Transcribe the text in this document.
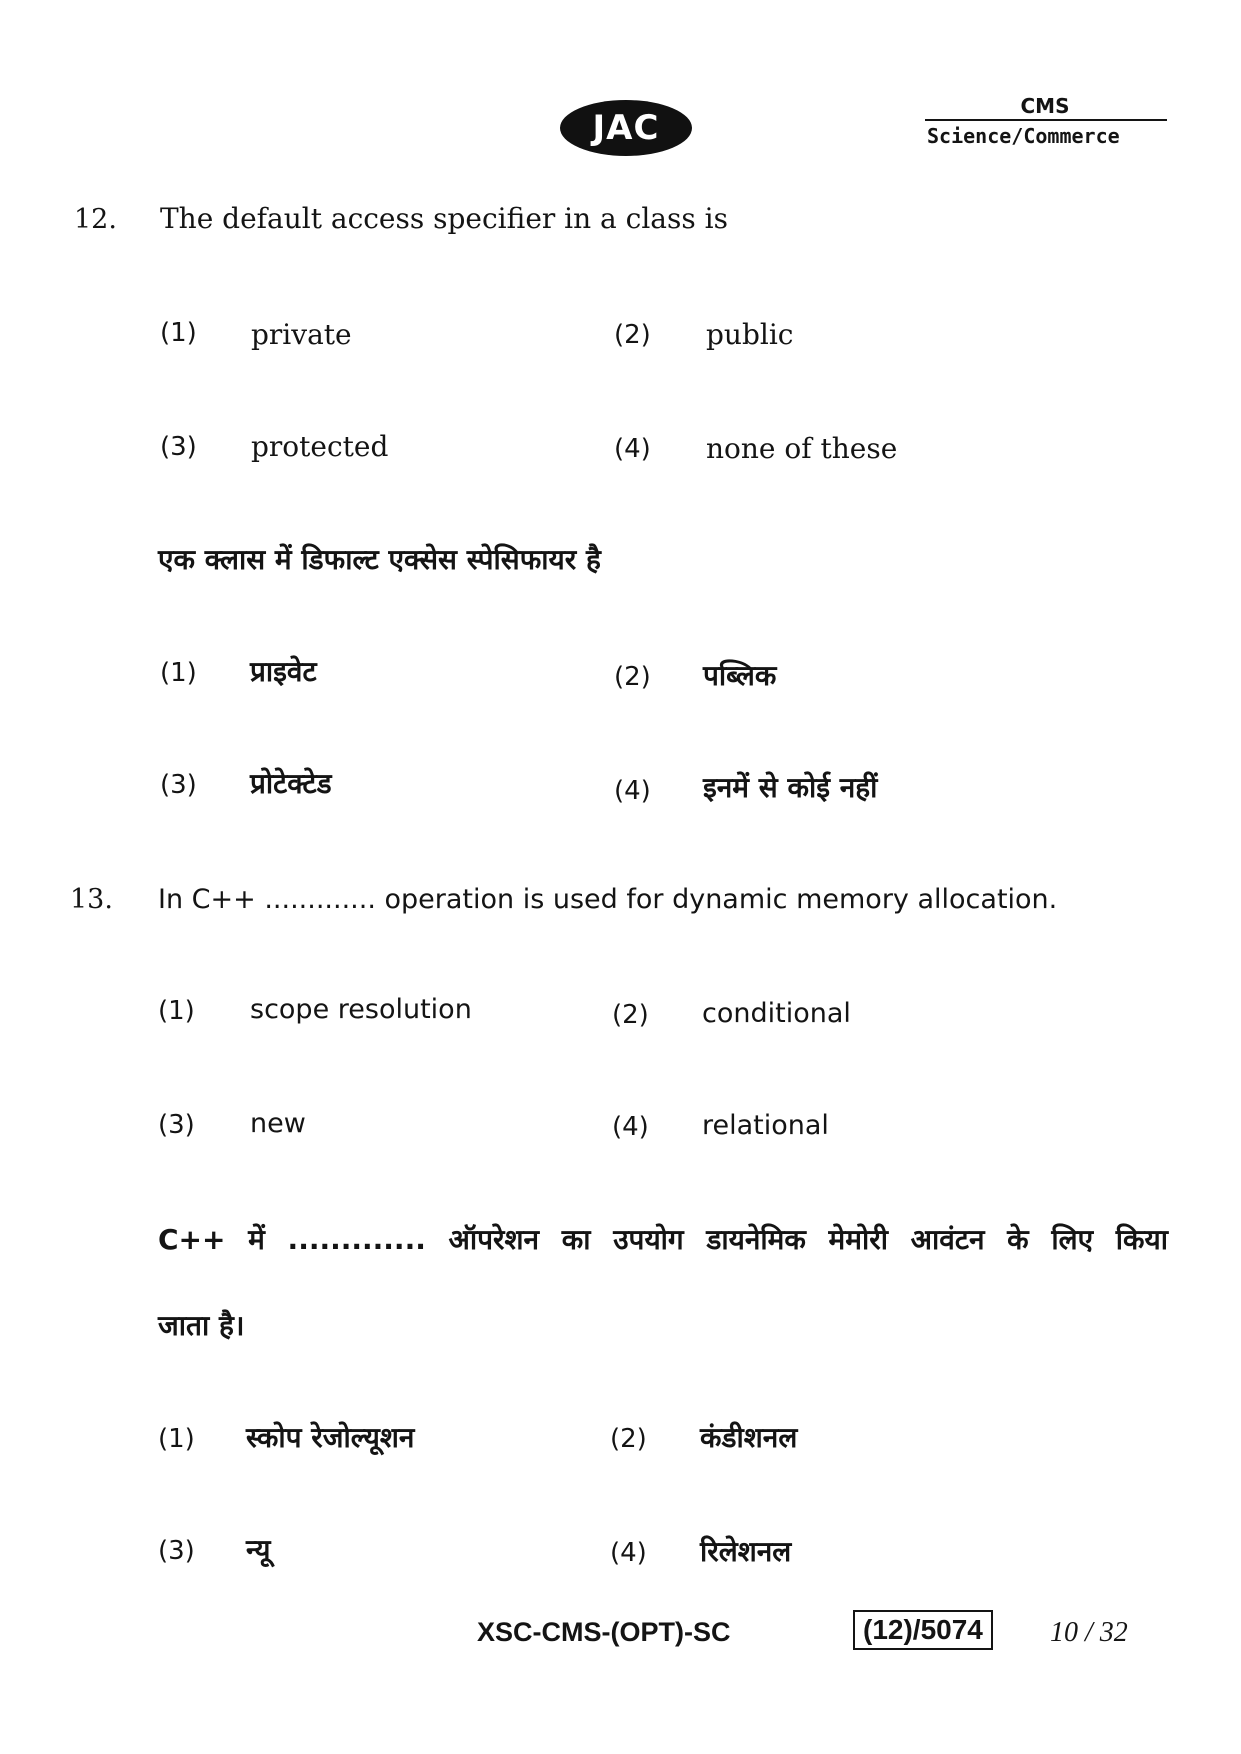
JAC
CMS
Science/Commerce
12. The default access specifier in a class is
(1) private	(2) public
(3) protected	(4) none of these
एक क्लास में डिफाल्ट एक्सेस स्पेसिफायर है
(1) प्राइवेट	(2) पब्लिक
(3) प्रोटेक्टेड	(4) इनमें से कोई नहीं
13. In C++ ............. operation is used for dynamic memory allocation.
(1) scope resolution	(2) conditional
(3) new	(4) relational
C++ में ............. ऑपरेशन का उपयोग डायनेमिक मेमोरी आवंटन के लिए किया
जाता है।
(1) स्कोप रेजोल्यूशन	(2) कंडीशनल
(3) न्यू	(4) रिलेशनल
XSC-CMS-(OPT)-SC	(12)/5074	10 / 32
